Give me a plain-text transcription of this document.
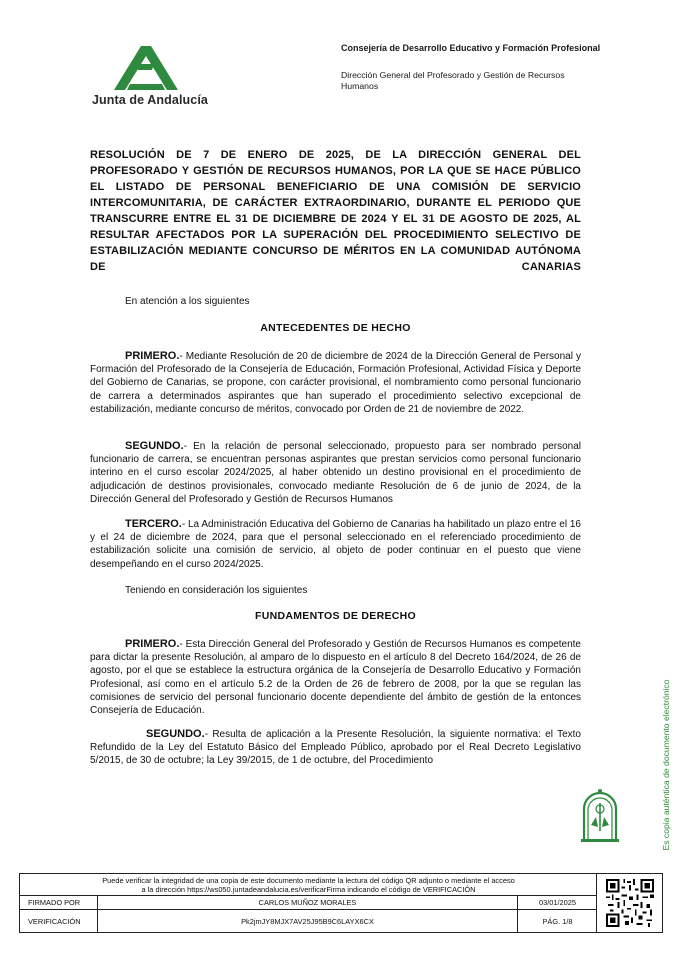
Junta de Andalucía
Consejería de Desarrollo Educativo y Formación Profesional
Dirección General del Profesorado y Gestión de Recursos Humanos
RESOLUCIÓN DE 7 DE ENERO DE 2025, DE LA DIRECCIÓN GENERAL DEL PROFESORADO Y GESTIÓN DE RECURSOS HUMANOS, POR LA QUE SE HACE PÚBLICO EL LISTADO DE PERSONAL BENEFICIARIO DE UNA COMISIÓN DE SERVICIO INTERCOMUNITARIA, DE CARÁCTER EXTRAORDINARIO, DURANTE EL PERIODO QUE TRANSCURRE ENTRE EL 31 DE DICIEMBRE DE 2024 Y EL 31 DE AGOSTO DE 2025, AL RESULTAR AFECTADOS POR LA SUPERACIÓN DEL PROCEDIMIENTO SELECTIVO DE ESTABILIZACIÓN MEDIANTE CONCURSO DE MÉRITOS EN LA COMUNIDAD AUTÓNOMA DE CANARIAS
En atención a los siguientes
ANTECEDENTES DE HECHO
PRIMERO.- Mediante Resolución de 20 de diciembre de 2024 de la Dirección General de Personal y Formación del Profesorado de la Consejería de Educación, Formación Profesional, Actividad Física y Deporte del Gobierno de Canarias, se propone, con carácter provisional, el nombramiento como personal funcionario de carrera a determinados aspirantes que han superado el procedimiento selectivo excepcional de estabilización, mediante concurso de méritos, convocado por Orden de 21 de noviembre de 2022.
SEGUNDO.- En la relación de personal seleccionado, propuesto para ser nombrado personal funcionario de carrera, se encuentran personas aspirantes que prestan servicios como personal funcionario interino en el curso escolar 2024/2025, al haber obtenido un destino provisional en el procedimiento de adjudicación de destinos provisionales, convocado mediante Resolución de 6 de junio de 2024, de la Dirección General del Profesorado y Gestión de Recursos Humanos
TERCERO.- La Administración Educativa del Gobierno de Canarias ha habilitado un plazo entre el 16 y el 24 de diciembre de 2024, para que el personal seleccionado en el referenciado procedimiento de estabilización solicite una comisión de servicio, al objeto de poder continuar en el puesto que viene desempeñando en el curso 2024/2025.
Teniendo en consideración los siguientes
FUNDAMENTOS DE DERECHO
PRIMERO.- Esta Dirección General del Profesorado y Gestión de Recursos Humanos es competente para dictar la presente Resolución, al amparo de lo dispuesto en el artículo 8 del Decreto 164/2024, de 26 de agosto, por el que se establece la estructura orgánica de la Consejería de Desarrollo Educativo y Formación Profesional, así como en el artículo 5.2 de la Orden de 26 de febrero de 2008, por la que se regulan las comisiones de servicio del personal funcionario docente dependiente del ámbito de gestión de la entonces Consejería de Educación.
SEGUNDO.- Resulta de aplicación a la Presente Resolución, la siguiente normativa: el Texto Refundido de la Ley del Estatuto Básico del Empleado Público, aprobado por el Real Decreto Legislativo 5/2015, de 30 de octubre; la Ley 39/2015, de 1 de octubre, del Procedimiento	Es copia auténtica de documento electrónico
Puede verificar la integridad de una copia de este documento mediante la lectura del código QR adjunto o mediante el acceso
a la dirección https://ws050.juntadeandalucia.es/verificarFirma indicando el código de VERIFICACIÓN
FIRMADO POR	CARLOS MUÑOZ MORALES	03/01/2025
VERIFICACIÓN	Pk2jmJY8MJX7AV25J95B9C6LAYX6CX	PÁG. 1/8
